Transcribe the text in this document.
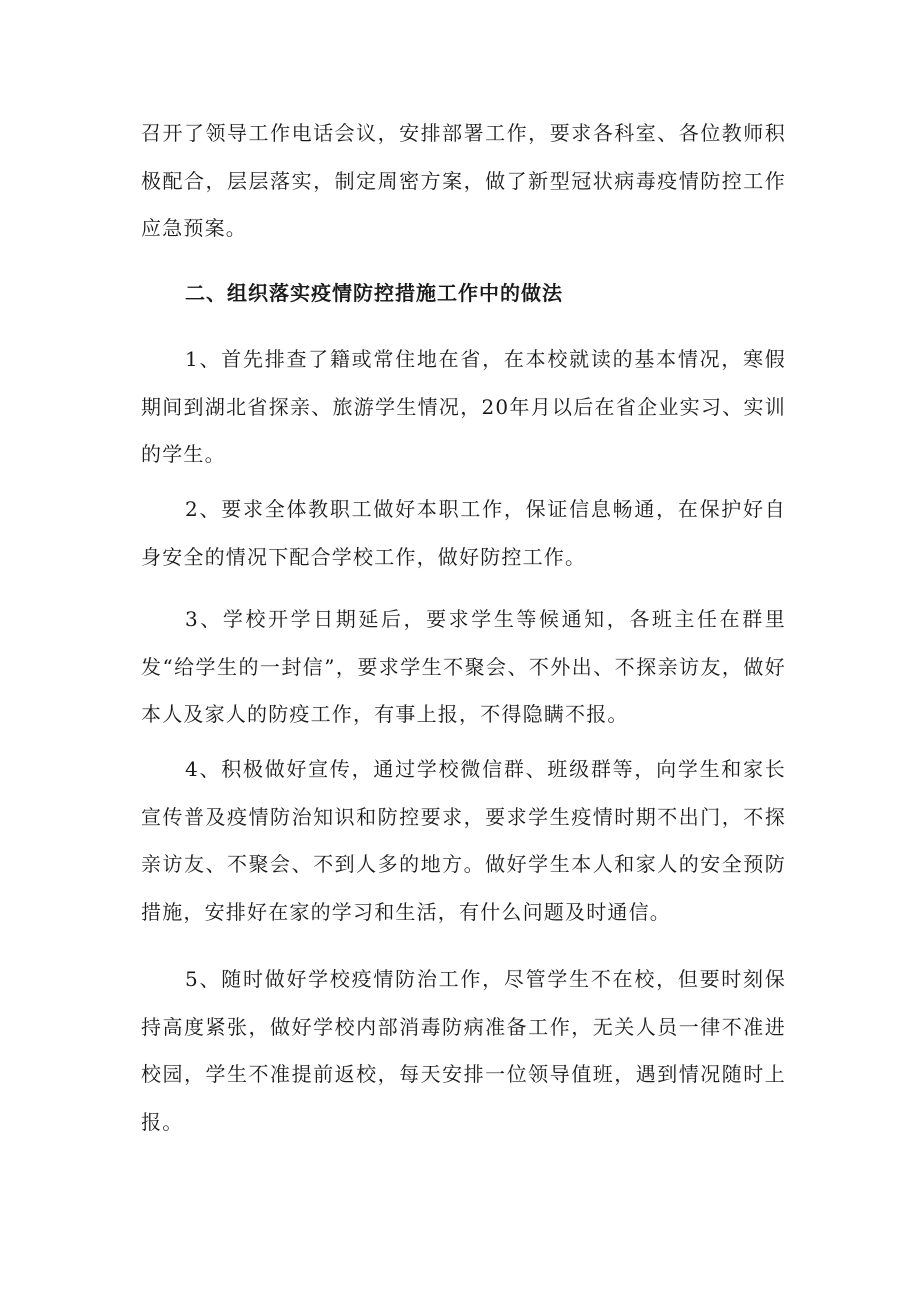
召开了领导工作电话会议，安排部署工作，要求各科室、各位教师积极配合，层层落实，制定周密方案，做了新型冠状病毒疫情防控工作应急预案。

二、组织落实疫情防控措施工作中的做法

1、首先排查了籍或常住地在省，在本校就读的基本情况，寒假期间到湖北省探亲、旅游学生情况，20年月以后在省企业实习、实训的学生。

2、要求全体教职工做好本职工作，保证信息畅通，在保护好自身安全的情况下配合学校工作，做好防控工作。

3、学校开学日期延后，要求学生等候通知，各班主任在群里发“给学生的一封信”，要求学生不聚会、不外出、不探亲访友，做好本人及家人的防疫工作，有事上报，不得隐瞒不报。

4、积极做好宣传，通过学校微信群、班级群等，向学生和家长宣传普及疫情防治知识和防控要求，要求学生疫情时期不出门，不探亲访友、不聚会、不到人多的地方。做好学生本人和家人的安全预防措施，安排好在家的学习和生活，有什么问题及时通信。

5、随时做好学校疫情防治工作，尽管学生不在校，但要时刻保持高度紧张，做好学校内部消毒防病准备工作，无关人员一律不准进校园，学生不准提前返校，每天安排一位领导值班，遇到情况随时上报。
